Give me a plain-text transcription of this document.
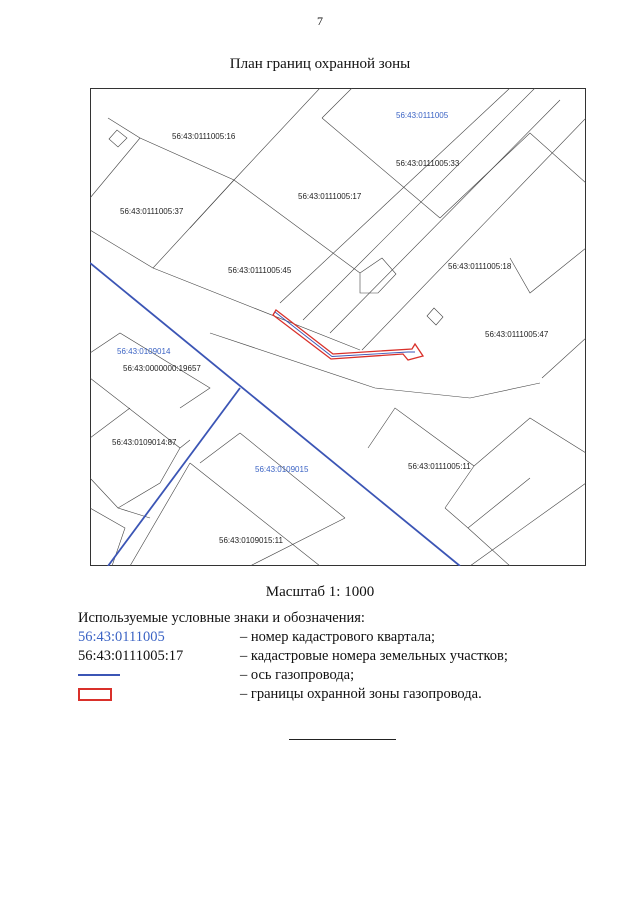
7
План границ охранной зоны
56:43:0111005
56:43:0109014
56:43:0109015
56:43:0111005:16
56:43:0111005:33
56:43:0111005:17
56:43:0111005:37
56:43:0111005:45	56:43:0111005:18
56:43:0111005:47
56:43:0000000:19657
56:43:0109014:87
56:43:0111005:11
56:43:0109015:11
Масштаб 1: 1000
Используемые условные знаки и обозначения:
56:43:0111005	– номер кадастрового квартала;
56:43:0111005:17	– кадастровые номера земельных участков;
– ось газопровода;
– границы охранной зоны газопровода.
